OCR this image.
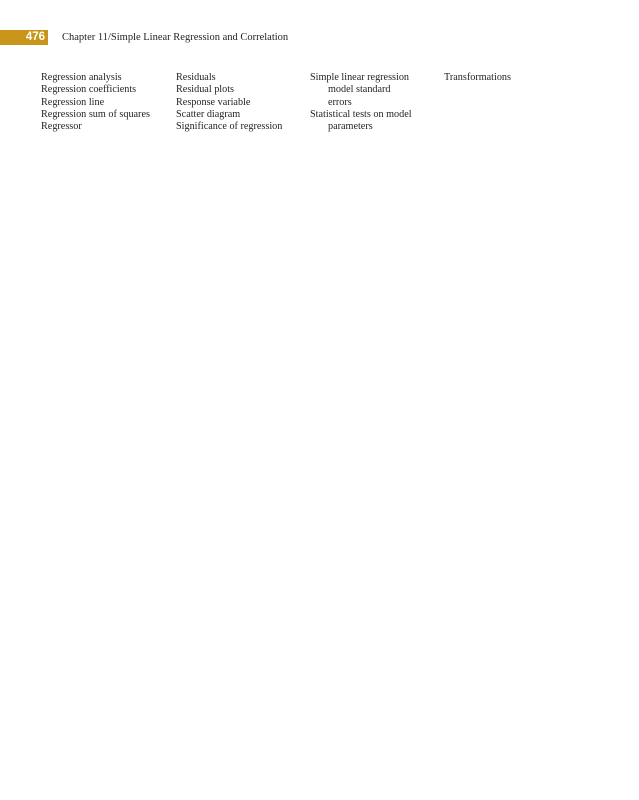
476 Chapter 11/Simple Linear Regression and Correlation
Regression analysis
Regression coefficients
Regression line
Regression sum of squares
Regressor
Residuals
Residual plots
Response variable
Scatter diagram
Significance of regression
Simple linear regression
model standard
errors
Statistical tests on model
parameters
Transformations
